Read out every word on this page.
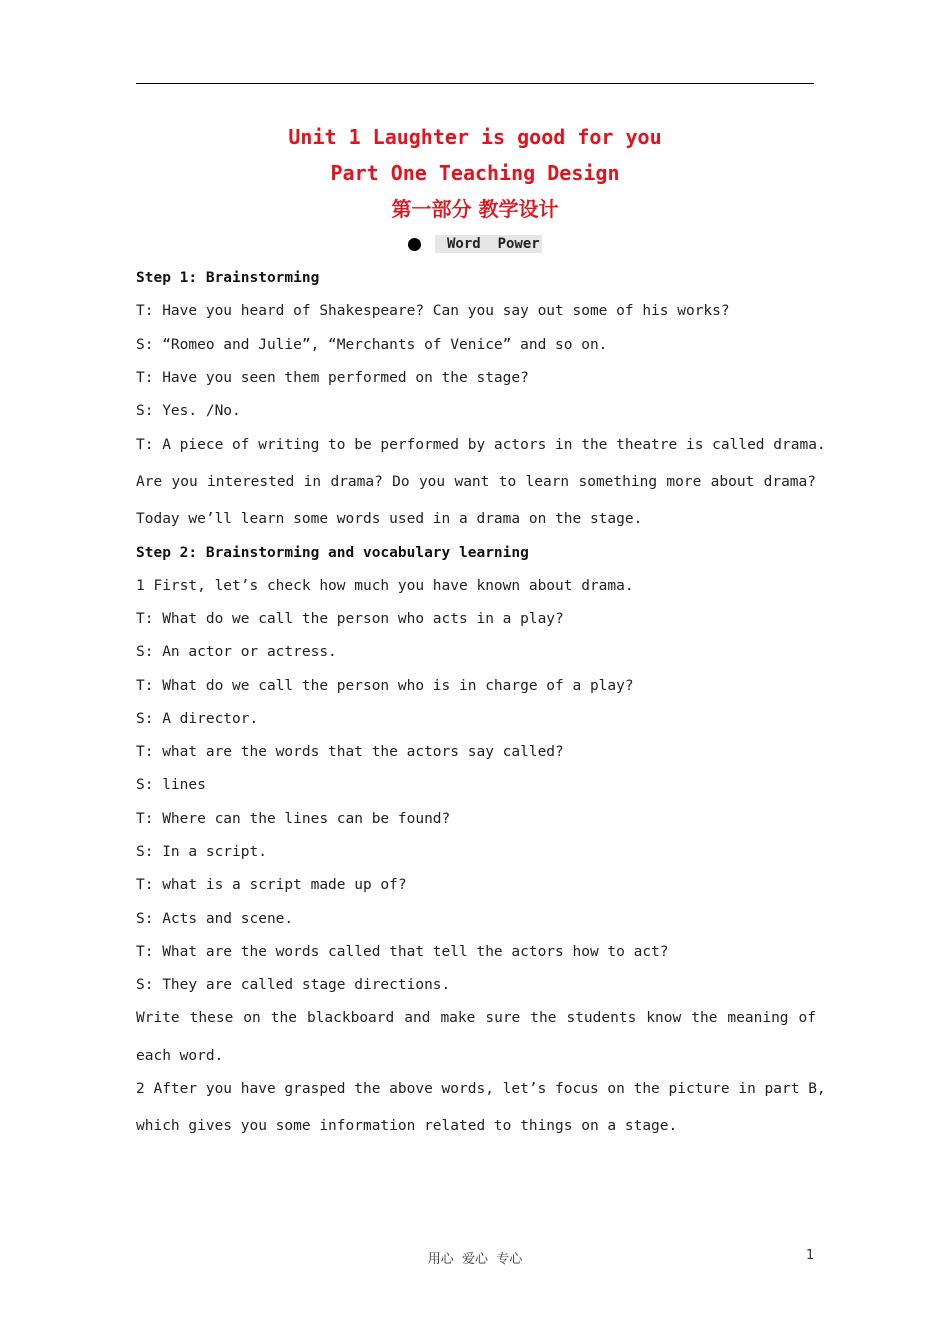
Unit 1 Laughter is good for you
Part One Teaching Design
第一部分 教学设计
Word  Power
Step 1: Brainstorming
T: Have you heard of Shakespeare? Can you say out some of his works?
S: “Romeo and Julie”, “Merchants of Venice” and so on.
T: Have you seen them performed on the stage?
S: Yes. /No.
T: A piece of writing to be performed by actors in the theatre is called drama.
Are you interested in drama? Do you want to learn something more about drama?
Today we’ll learn some words used in a drama on the stage.
Step 2: Brainstorming and vocabulary learning
1 First, let’s check how much you have known about drama.
T: What do we call the person who acts in a play?
S: An actor or actress.
T: What do we call the person who is in charge of a play?
S: A director.
T: what are the words that the actors say called?
S: lines
T: Where can the lines can be found?
S: In a script.
T: what is a script made up of?
S: Acts and scene.
T: What are the words called that tell the actors how to act?
S: They are called stage directions.
Write these on the blackboard and make sure the students know the meaning of
each word.
2 After you have grasped the above words, let’s focus on the picture in part B,
which gives you some information related to things on a stage.
用心  爱心  专心	1
